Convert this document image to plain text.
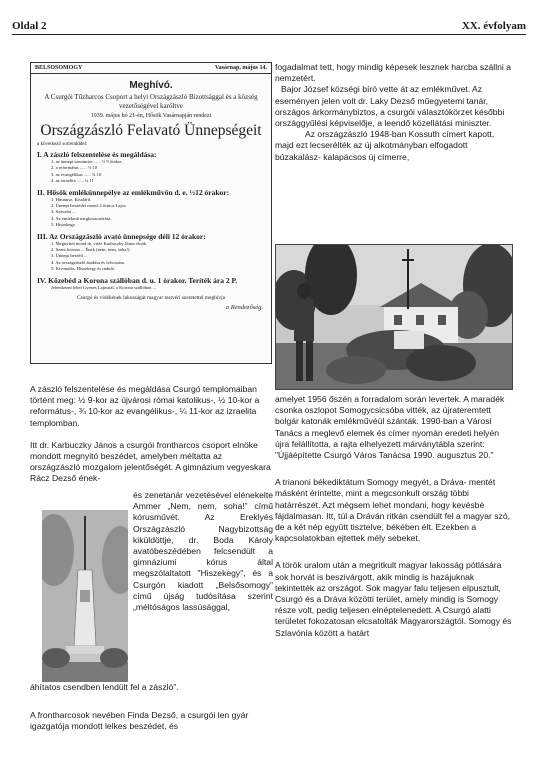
Oldal 2	XX. évfolyam
BELSOSOMOGY	Vasárnap, május 14.
Meghívó.
A Csurgói Tűzharcos Csoport a helyi Országzászló Bizottsággal és a község vezetőségével karöltve
1939. május hó 21-én, Hősök Vasárnapján rendezi
Országzászló Felavató Ünnepségeit
a következő sorrendddel:
I. A zászló felszentelése és megáldása:
1. az ünnepi szentmise ...... ½ 9 órakor,
2. a református ...... ½ 10
3. az evangélikus ...... ¾ 10
4. az izraelita ...... ¼ 11
II. Hősök emlékünnepélye az emlékművön d. e. ½12 órakor:
1. Himnusz. Kisalárd.
2. Ünnepi beszédet mond: Lőrincz Lajos
3. Szavalat ...
4. Az emlékmű megkoszorúzása.
5. Hiszekegy.
III. Az Országzászló avató ünnepsége déli 12 órakor:
1. Megnyitót mond dr. vitéz Karbuczky János elnök.
2. Szent korona ... Ének (nem, nem, soha!).
3. Ünnepi beszéd ...
4. Az országzászló átadása és felvonása.
5. Kivonulás. Hiszekegy és induló.
IV. Közebéd a Korona szállóban d. u. 1 órakor. Teríték ára 2 P.
Jelentkezni lehet Gyenes Lajosnál, a Korona szállóban ...
Csurgó és vidékének lakosságát magyar testvéri szeretettel meghívja
a Rendezőség.

A zászló felszentelése és megáldása Csurgó templomaiban történt meg: ½ 9-kor az újvárosi római katolikus-, ½ 10-kor a református-, ¾ 10-kor az evangélikus-, ¼ 11-kor az izraelita templomban.

Itt dr. Karbuczky János a csurgói frontharcos csoport elnöke mondott megnyitó beszédet, amelyben méltatta az országzászló mozgalom jelentőségét. A gimnázium vegyeskara Rácz Dezső ének-

és zenetanár vezetésével elénekelte Ammer „Nem, nem, soha!” című kórusművét. Az Ereklyés Országzászló Nagybizottság kiküldöttje, dr. Boda Károly avatóbeszédében felcsendült a gimnáziumi kórus által megszólaltatott "Hiszekegy", és a Csurgón kiadott „Belsősomogy” című újság tudósítása szerint „méltóságos lassúsággal,
áhítatos csendben lendült fel a zászló”.
A frontharcosok nevében Finda Dezső, a csurgói len gyár igazgatója mondott lelkes beszédet, és

fogadalmat tett, hogy mindig képesek lesznek harcba szállni a nemzetért.

Bajor József községi bíró vette át az emlékművet. Az eseményen jelen volt dr. Laky Dezső műegyetemi tanár, országos árkormánybiztos, a csurgói választókörzet későbbi országgyűlési képviselője, a leendő közellátási miniszter.

Az országzászló 1948-ban Kossuth címert kapott, majd ezt lecserélték az új alkotmányban elfogadott búzakalász- kalapácsos új címerre,

amelyet 1956 őszén a forradalom során levertek. A maradék csonka oszlopot Somogycsicsóba vitték, az újrateremtett bolgár katonák emlékművéül szánták. 1990-ban a Városi Tanács a meglevő elemek és címer nyomán eredeti helyén újra felállította, a rajta elhelyezett márványtábla szerint: "Újjáépítette Csurgó Város Tanácsa 1990. augusztus 20."

A trianoni békediktátum Somogy megyét, a Dráva- mentét másként érintette, mint a megcsonkult ország többi határrészét. Azt mégsem lehet mondani, hogy kevésbé fájdalmasan. Itt, túl a Dráván ritkán csendült fel a magyar szó, de a két nép együtt tisztelve, békében élt. Ezekben a kapcsolatokban ejtettek mély sebeket.

A török uralom után a megritkult magyar lakosság pótlására sok horvát is beszivárgott, akik mindig is hazájuknak tekintették az országot. Sok magyar falu teljesen elpusztult, Csurgó és a Dráva közötti terület, amely mindig is Somogy része volt, pedig teljesen elnéptelenedett. A Csurgó alatti területet fokozatosan elcsatolták Magyarországtól. Somogy és Szlavónia között a határt
